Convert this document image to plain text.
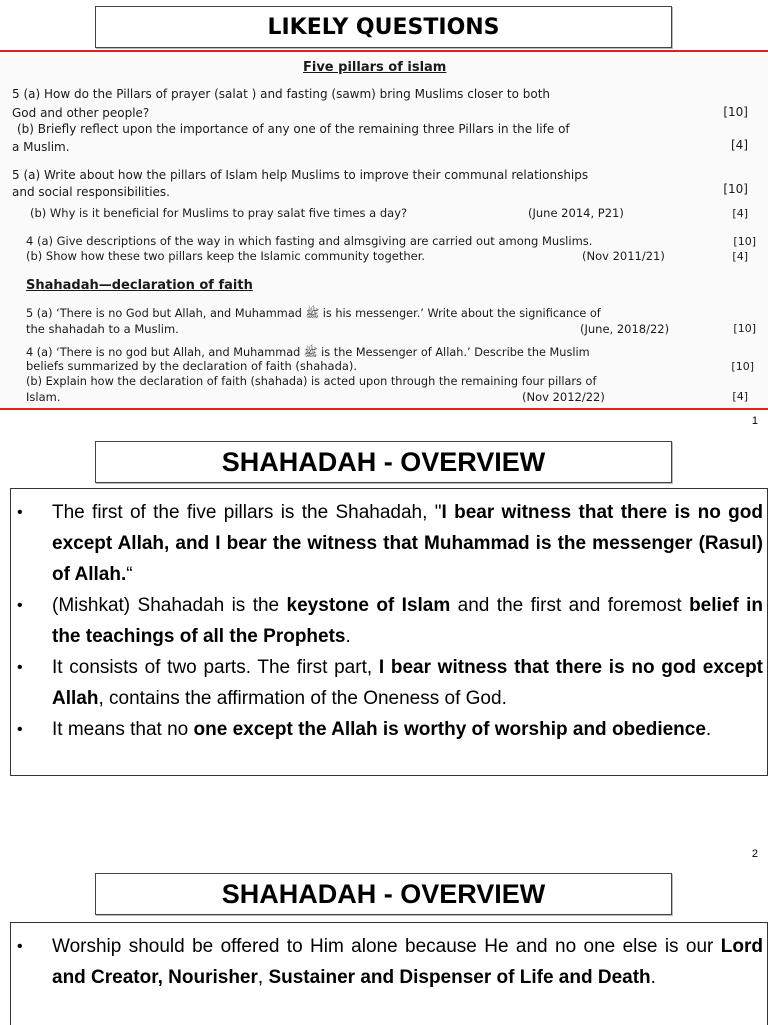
LIKELY QUESTIONS
Five pillars of islam
5 (a) How do the Pillars of prayer (salat ) and fasting (sawm) bring Muslims closer to both
God and other people?	[10]
(b) Briefly reflect upon the importance of any one of the remaining three Pillars in the life of
a Muslim.	[4]
5 (a) Write about how the pillars of Islam help Muslims to improve their communal relationships
and social responsibilities.	[10]
(b) Why is it beneficial for Muslims to pray salat five times a day?	(June 2014, P21)	[4]
4 (a) Give descriptions of the way in which fasting and almsgiving are carried out among Muslims.	[10]
(b) Show how these two pillars keep the Islamic community together.	(Nov 2011/21)	[4]
Shahadah—declaration of faith
5 (a) ‘There is no God but Allah, and Muhammad ﷺ is his messenger.’ Write about the significance of
the shahadah to a Muslim.	(June, 2018/22)	[10]
4 (a) ‘There is no god but Allah, and Muhammad ﷺ is the Messenger of Allah.’ Describe the Muslim
beliefs summarized by the declaration of faith (shahada).	[10]
(b) Explain how the declaration of faith (shahada) is acted upon through the remaining four pillars of
Islam.	(Nov 2012/22)	[4]
1
SHAHADAH - OVERVIEW
• The first of the five pillars is the Shahadah, "I bear witness that there is no god except Allah, and I bear the witness that Muhammad is the messenger (Rasul) of Allah.“
• (Mishkat) Shahadah is the keystone of Islam and the first and foremost belief in the teachings of all the Prophets.
• It consists of two parts. The first part, I bear witness that there is no god except Allah, contains the affirmation of the Oneness of God.
• It means that no one except the Allah is worthy of worship and obedience.
2
SHAHADAH - OVERVIEW
• Worship should be offered to Him alone because He and no one else is our Lord and Creator, Nourisher, Sustainer and Dispenser of Life and Death.
